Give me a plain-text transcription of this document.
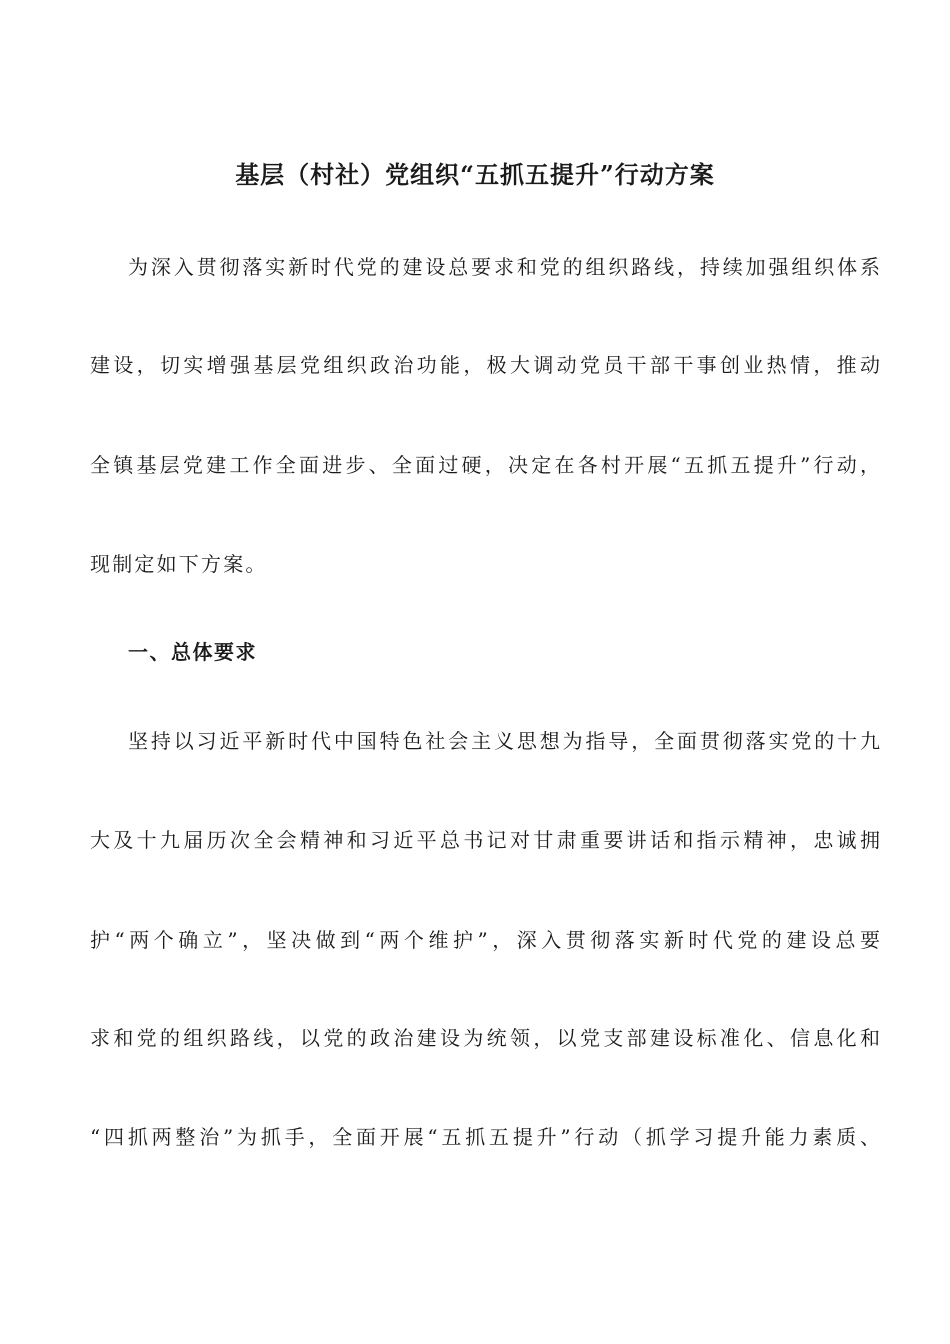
基层（村社）党组织“五抓五提升”行动方案
为深入贯彻落实新时代党的建设总要求和党的组织路线，持续加强组织体系
建设，切实增强基层党组织政治功能，极大调动党员干部干事创业热情，推动
全镇基层党建工作全面进步、全面过硬，决定在各村开展“五抓五提升”行动，
现制定如下方案。
一、总体要求
坚持以习近平新时代中国特色社会主义思想为指导，全面贯彻落实党的十九
大及十九届历次全会精神和习近平总书记对甘肃重要讲话和指示精神，忠诚拥
护“两个确立”，坚决做到“两个维护”，深入贯彻落实新时代党的建设总要
求和党的组织路线，以党的政治建设为统领，以党支部建设标准化、信息化和
“四抓两整治”为抓手，全面开展“五抓五提升”行动（抓学习提升能力素质、
